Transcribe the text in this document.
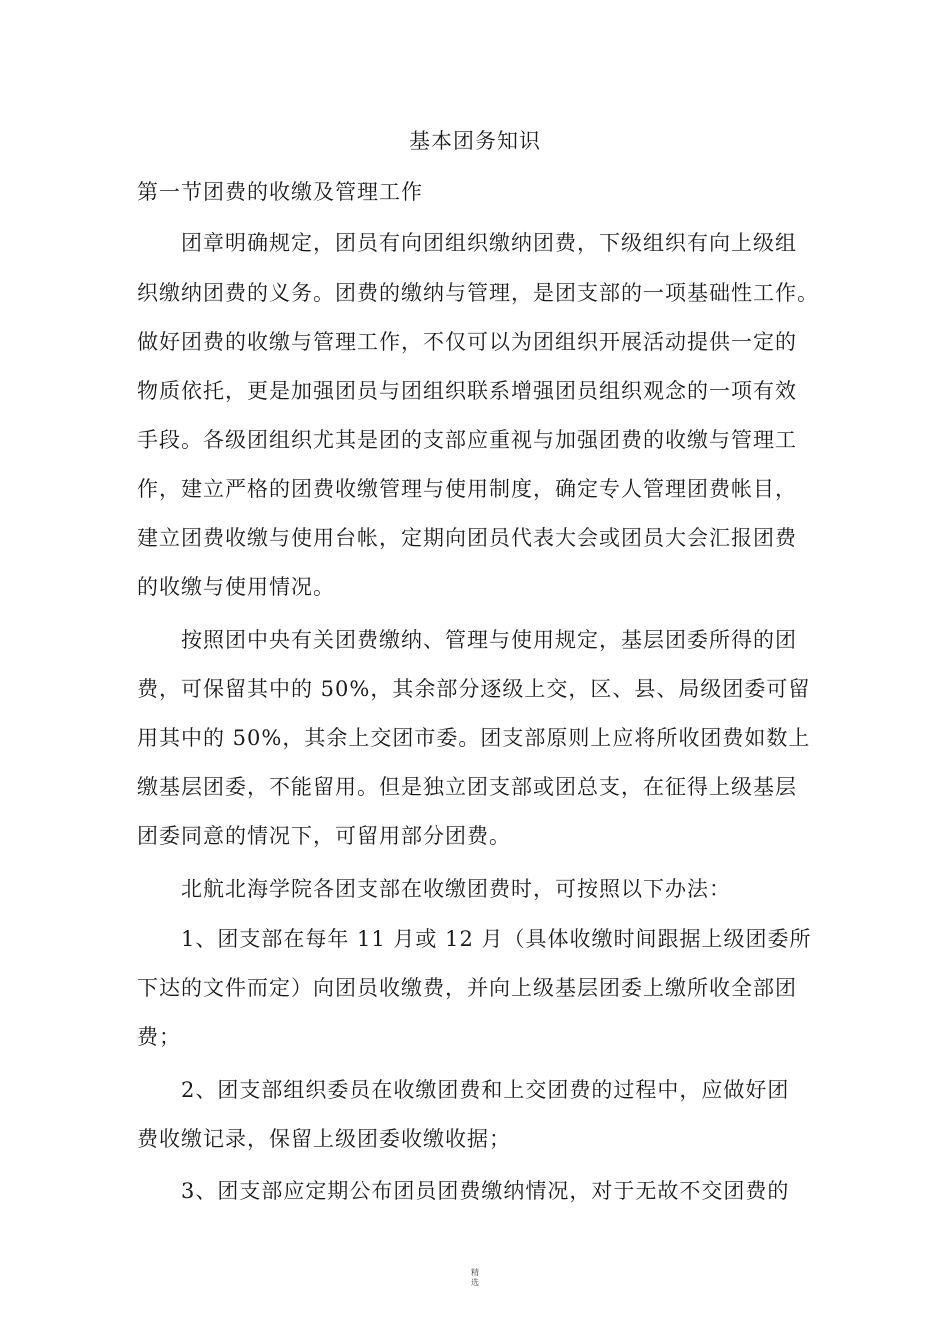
基本团务知识
第一节团费的收缴及管理工作
　　团章明确规定，团员有向团组织缴纳团费，下级组织有向上级组
织缴纳团费的义务。团费的缴纳与管理，是团支部的一项基础性工作。
做好团费的收缴与管理工作，不仅可以为团组织开展活动提供一定的
物质依托，更是加强团员与团组织联系增强团员组织观念的一项有效
手段。各级团组织尤其是团的支部应重视与加强团费的收缴与管理工
作，建立严格的团费收缴管理与使用制度，确定专人管理团费帐目，
建立团费收缴与使用台帐，定期向团员代表大会或团员大会汇报团费
的收缴与使用情况。
　　按照团中央有关团费缴纳、管理与使用规定，基层团委所得的团
费，可保留其中的 50%，其余部分逐级上交，区、县、局级团委可留
用其中的 50%，其余上交团市委。团支部原则上应将所收团费如数上
缴基层团委，不能留用。但是独立团支部或团总支，在征得上级基层
团委同意的情况下，可留用部分团费。
　　北航北海学院各团支部在收缴团费时，可按照以下办法：
　　1、团支部在每年 11 月或 12 月（具体收缴时间跟据上级团委所
下达的文件而定）向团员收缴费，并向上级基层团委上缴所收全部团
费；
　　2、团支部组织委员在收缴团费和上交团费的过程中，应做好团
费收缴记录，保留上级团委收缴收据；
　　3、团支部应定期公布团员团费缴纳情况，对于无故不交团费的
精
选
